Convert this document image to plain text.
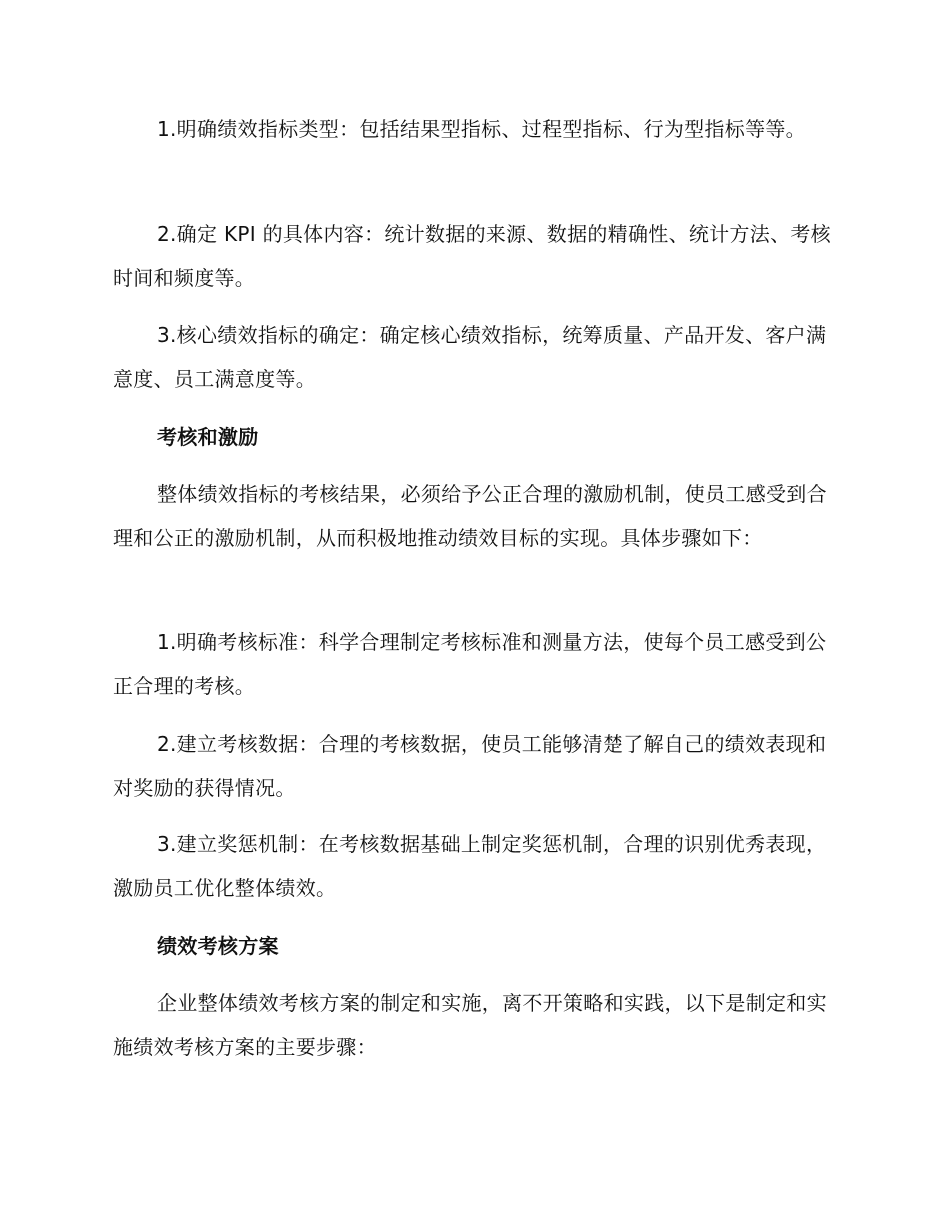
1.明确绩效指标类型：包括结果型指标、过程型指标、行为型指标等等。

2.确定 KPI 的具体内容：统计数据的来源、数据的精确性、统计方法、考核时间和频度等。

3.核心绩效指标的确定：确定核心绩效指标，统筹质量、产品开发、客户满意度、员工满意度等。

考核和激励

整体绩效指标的考核结果，必须给予公正合理的激励机制，使员工感受到合理和公正的激励机制，从而积极地推动绩效目标的实现。具体步骤如下：

1.明确考核标准：科学合理制定考核标准和测量方法，使每个员工感受到公正合理的考核。

2.建立考核数据：合理的考核数据，使员工能够清楚了解自己的绩效表现和对奖励的获得情况。

3.建立奖惩机制：在考核数据基础上制定奖惩机制，合理的识别优秀表现，激励员工优化整体绩效。

绩效考核方案

企业整体绩效考核方案的制定和实施，离不开策略和实践，以下是制定和实施绩效考核方案的主要步骤：
